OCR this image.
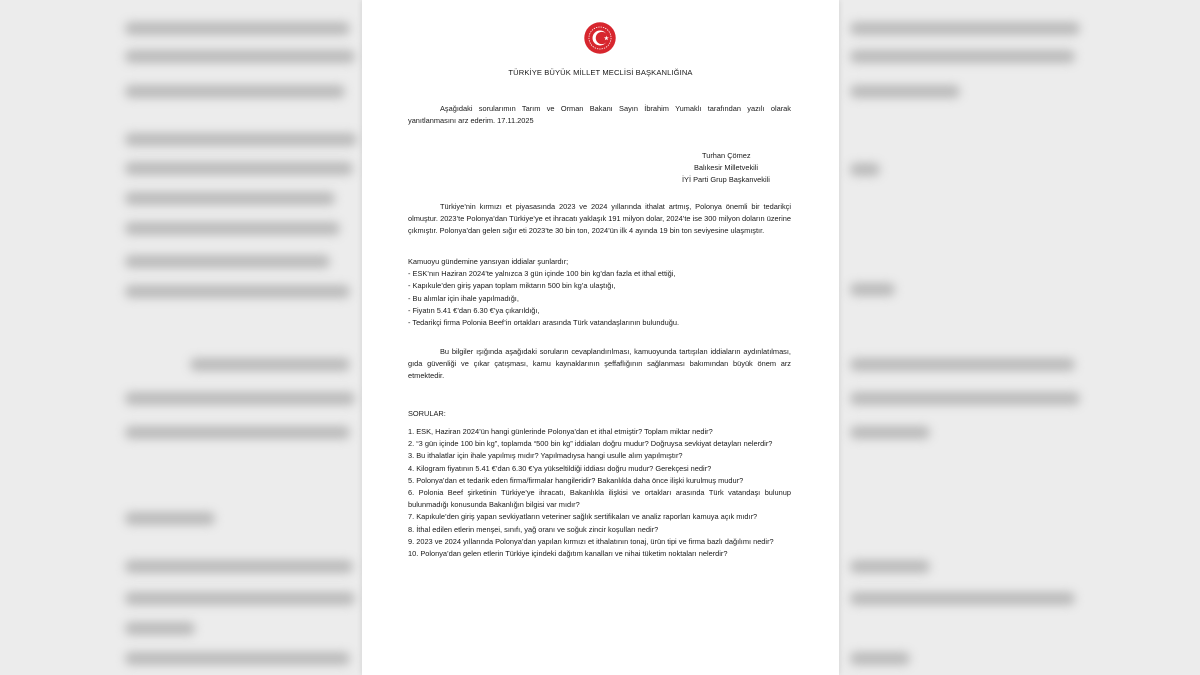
TÜRKİYE BÜYÜK MİLLET MECLİSİ BAŞKANLIĞINA
Aşağıdaki sorularımın Tarım ve Orman Bakanı Sayın İbrahim Yumaklı tarafından yazılı olarak yanıtlanmasını arz ederim. 17.11.2025
Turhan Çömez
Balıkesir Milletvekili
İYİ Parti Grup Başkanvekili
Türkiye’nin kırmızı et piyasasında 2023 ve 2024 yıllarında ithalat artmış, Polonya önemli bir tedarikçi olmuştur. 2023’te Polonya’dan Türkiye’ye et ihracatı yaklaşık 191 milyon dolar, 2024’te ise 300 milyon doların üzerine çıkmıştır. Polonya’dan gelen sığır eti 2023’te 30 bin ton, 2024’ün ilk 4 ayında 19 bin ton seviyesine ulaşmıştır.
Kamuoyu gündemine yansıyan iddialar şunlardır;
- ESK’nın Haziran 2024’te yalnızca 3 gün içinde 100 bin kg’dan fazla et ithal ettiği,
- Kapıkule’den giriş yapan toplam miktarın 500 bin kg’a ulaştığı,
- Bu alımlar için ihale yapılmadığı,
- Fiyatın 5.41 €’dan 6.30 €’ya çıkarıldığı,
- Tedarikçi firma Polonia Beef’in ortakları arasında Türk vatandaşlarının bulunduğu.
Bu bilgiler ışığında aşağıdaki soruların cevaplandırılması, kamuoyunda tartışılan iddiaların aydınlatılması, gıda güvenliği ve çıkar çatışması, kamu kaynaklarının şeffaflığının sağlanması bakımından büyük önem arz etmektedir.
SORULAR:
1. ESK, Haziran 2024’ün hangi günlerinde Polonya’dan et ithal etmiştir? Toplam miktar nedir?
2. “3 gün içinde 100 bin kg”, toplamda “500 bin kg” iddiaları doğru mudur? Doğruysa sevkiyat detayları nelerdir?
3. Bu ithalatlar için ihale yapılmış mıdır? Yapılmadıysa hangi usulle alım yapılmıştır?
4. Kilogram fiyatının 5.41 €’dan 6.30 €’ya yükseltildiği iddiası doğru mudur? Gerekçesi nedir?
5. Polonya’dan et tedarik eden firma/firmalar hangileridir? Bakanlıkla daha önce ilişki kurulmuş mudur?
6. Polonia Beef şirketinin Türkiye’ye ihracatı, Bakanlıkla ilişkisi ve ortakları arasında Türk vatandaşı bulunup bulunmadığı konusunda Bakanlığın bilgisi var mıdır?
7. Kapıkule’den giriş yapan sevkiyatların veteriner sağlık sertifikaları ve analiz raporları kamuya açık mıdır?
8. İthal edilen etlerin menşei, sınıfı, yağ oranı ve soğuk zincir koşulları nedir?
9. 2023 ve 2024 yıllarında Polonya’dan yapılan kırmızı et ithalatının tonaj, ürün tipi ve firma bazlı dağılımı nedir?
10. Polonya’dan gelen etlerin Türkiye içindeki dağıtım kanalları ve nihai tüketim noktaları nelerdir?
